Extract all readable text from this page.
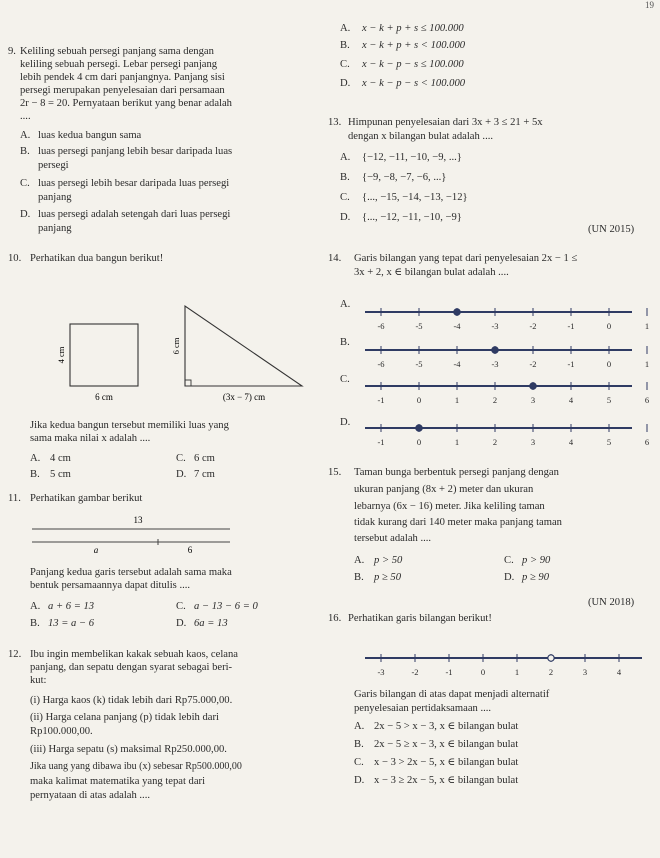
19
9. Keliling sebuah persegi panjang sama dengan
keliling sebuah persegi. Lebar persegi panjang
lebih pendek 4 cm dari panjangnya. Panjang sisi
persegi merupakan penyelesaian dari persamaan
2r − 8 = 20. Pernyataan berikut yang benar adalah
....
A. luas kedua bangun sama
B. luas persegi panjang lebih besar daripada luas
persegi
C. luas persegi lebih besar daripada luas persegi
panjang
D. luas persegi adalah setengah dari luas persegi
panjang
10. Perhatikan dua bangun berikut!
4 cm
6 cm
6 cm
(3x − 7) cm
Jika kedua bangun tersebut memiliki luas yang
sama maka nilai x adalah ....
A. 4 cm	C. 6 cm
B. 5 cm	D. 7 cm
11. Perhatikan gambar berikut
13
a	6
Panjang kedua garis tersebut adalah sama maka
bentuk persamaannya dapat ditulis ....
A. a + 6 = 13	C. a − 13 − 6 = 0
B. 13 = a − 6	D. 6a = 13
12. Ibu ingin membelikan kakak sebuah kaos, celana
panjang, dan sepatu dengan syarat sebagai beri-
kut:
(i) Harga kaos (k) tidak lebih dari Rp75.000,00.
(ii) Harga celana panjang (p) tidak lebih dari
Rp100.000,00.
(iii) Harga sepatu (s) maksimal Rp250.000,00.
Jika uang yang dibawa ibu (x) sebesar Rp500.000,00
maka kalimat matematika yang tepat dari
pernyataan di atas adalah ....
A. x − k + p + s ≤ 100.000
B. x − k + p + s < 100.000
C. x − k − p − s ≤ 100.000
D. x − k − p − s < 100.000
13. Himpunan penyelesaian dari 3x + 3 ≤ 21 + 5x
dengan x bilangan bulat adalah ....
A. {−12, −11, −10, −9, ...}
B. {−9, −8, −7, −6, ...}
C. {..., −15, −14, −13, −12}
D. {..., −12, −11, −10, −9}
(UN 2015)
14. Garis bilangan yang tepat dari penyelesaian 2x − 1 ≤
3x + 2, x ∈ bilangan bulat adalah ....
A.
-6	-5	-4	-3	-2	-1	0	1
B.
-6	-5	-4	-3	-2	-1	0	1
C.
-1	0	1	2	3	4	5	6
D.
-1	0	1	2	3	4	5	6
15. Taman bunga berbentuk persegi panjang dengan
ukuran panjang (8x + 2) meter dan ukuran
lebarnya (6x − 16) meter. Jika keliling taman
tidak kurang dari 140 meter maka panjang taman
tersebut adalah ....
A. p > 50	C. p > 90
B. p ≥ 50	D. p ≥ 90
(UN 2018)
16. Perhatikan garis bilangan berikut!
-3	-2	-1	0	1	2	3	4
Garis bilangan di atas dapat menjadi alternatif
penyelesaian pertidaksamaan ....
A. 2x − 5 > x − 3, x ∈ bilangan bulat
B. 2x − 5 ≥ x − 3, x ∈ bilangan bulat
C. x − 3 > 2x − 5, x ∈ bilangan bulat
D. x − 3 ≥ 2x − 5, x ∈ bilangan bulat
